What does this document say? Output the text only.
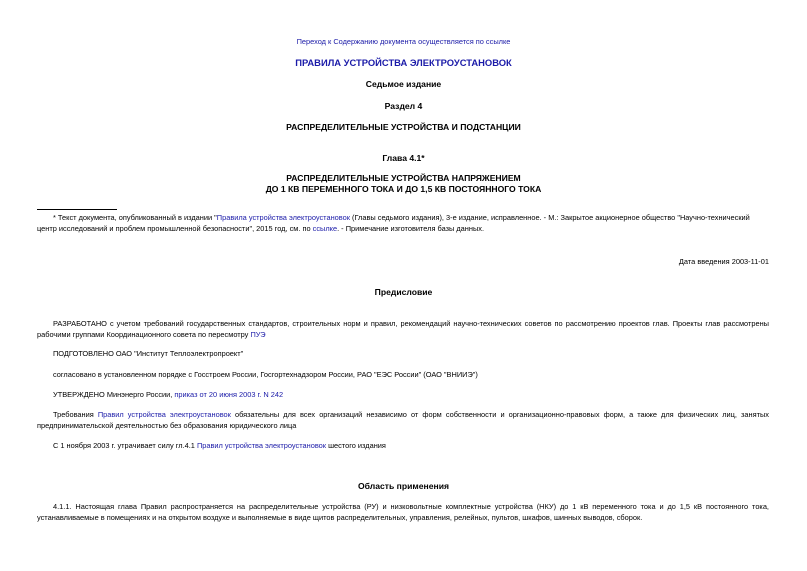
Переход к Содержанию документа осуществляется по ссылке
ПРАВИЛА УСТРОЙСТВА ЭЛЕКТРОУСТАНОВОК
Седьмое издание
Раздел 4
РАСПРЕДЕЛИТЕЛЬНЫЕ УСТРОЙСТВА И ПОДСТАНЦИИ
Глава 4.1*
РАСПРЕДЕЛИТЕЛЬНЫЕ УСТРОЙСТВА НАПРЯЖЕНИЕМ
ДО 1 КВ ПЕРЕМЕННОГО ТОКА И ДО 1,5 КВ ПОСТОЯННОГО ТОКА
* Текст документа, опубликованный в издании "Правила устройства электроустановок (Главы седьмого издания), 3-е издание, исправленное. - М.: Закрытое акционерное общество "Научно-технический центр исследований и проблем промышленной безопасности", 2015 год, см. по ссылке. - Примечание изготовителя базы данных.
Дата введения 2003-11-01
Предисловие
РАЗРАБОТАНО с учетом требований государственных стандартов, строительных норм и правил, рекомендаций научно-технических советов по рассмотрению проектов глав. Проекты глав рассмотрены рабочими группами Координационного совета по пересмотру ПУЭ
ПОДГОТОВЛЕНО ОАО "Институт Теплоэлектропроект"
согласовано в установленном порядке с Госстроем России, Госгортехнадзором России, РАО "ЕЭС России" (ОАО "ВНИИЭ")
УТВЕРЖДЕНО Минэнерго России, приказ от 20 июня 2003 г. N 242
Требования Правил устройства электроустановок обязательны для всех организаций независимо от форм собственности и организационно-правовых форм, а также для физических лиц, занятых предпринимательской деятельностью без образования юридического лица
С 1 ноября 2003 г. утрачивает силу гл.4.1 Правил устройства электроустановок шестого издания
Область применения
4.1.1. Настоящая глава Правил распространяется на распределительные устройства (РУ) и низковольтные комплектные устройства (НКУ) до 1 кВ переменного тока и до 1,5 кВ постоянного тока, устанавливаемые в помещениях и на открытом воздухе и выполняемые в виде щитов распределительных, управления, релейных, пультов, шкафов, шинных выводов, сборок.
